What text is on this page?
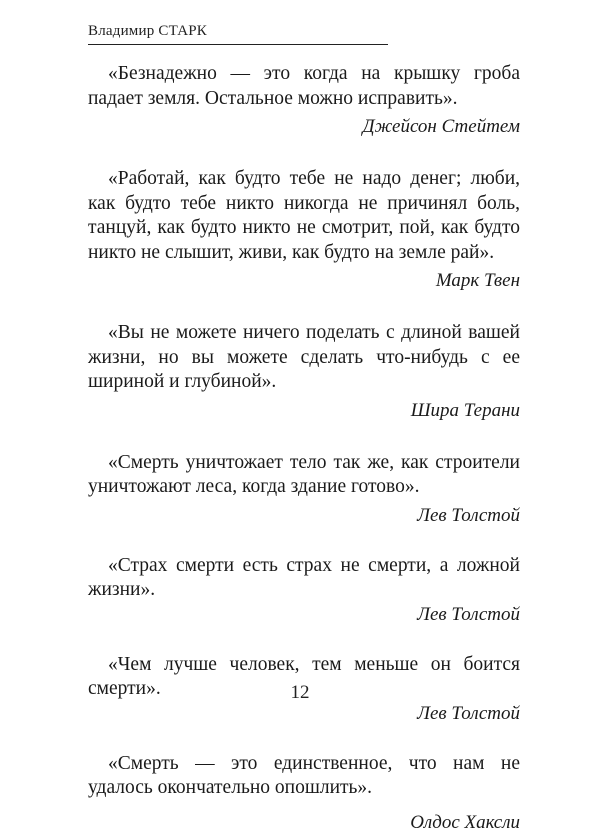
Владимир СТАРК

«Безнадежно — это когда на крышку гроба падает земля. Остальное можно исправить».

Джейсон Стейтем

«Работай, как будто тебе не надо денег; люби, как будто тебе никто никогда не причинял боль, танцуй, как будто никто не смотрит, пой, как будто никто не слышит, живи, как будто на земле рай».

Марк Твен

«Вы не можете ничего поделать с длиной вашей жизни, но вы можете сделать что-нибудь с ее шириной и глубиной».

Шира Терани

«Смерть уничтожает тело так же, как строители уничтожают леса, когда здание готово».

Лев Толстой

«Страх смерти есть страх не смерти, а ложной жизни».

Лев Толстой

«Чем лучше человек, тем меньше он боится смерти».

Лев Толстой

«Смерть — это единственное, что нам не удалось окончательно опошлить».

Олдос Хаксли

12
